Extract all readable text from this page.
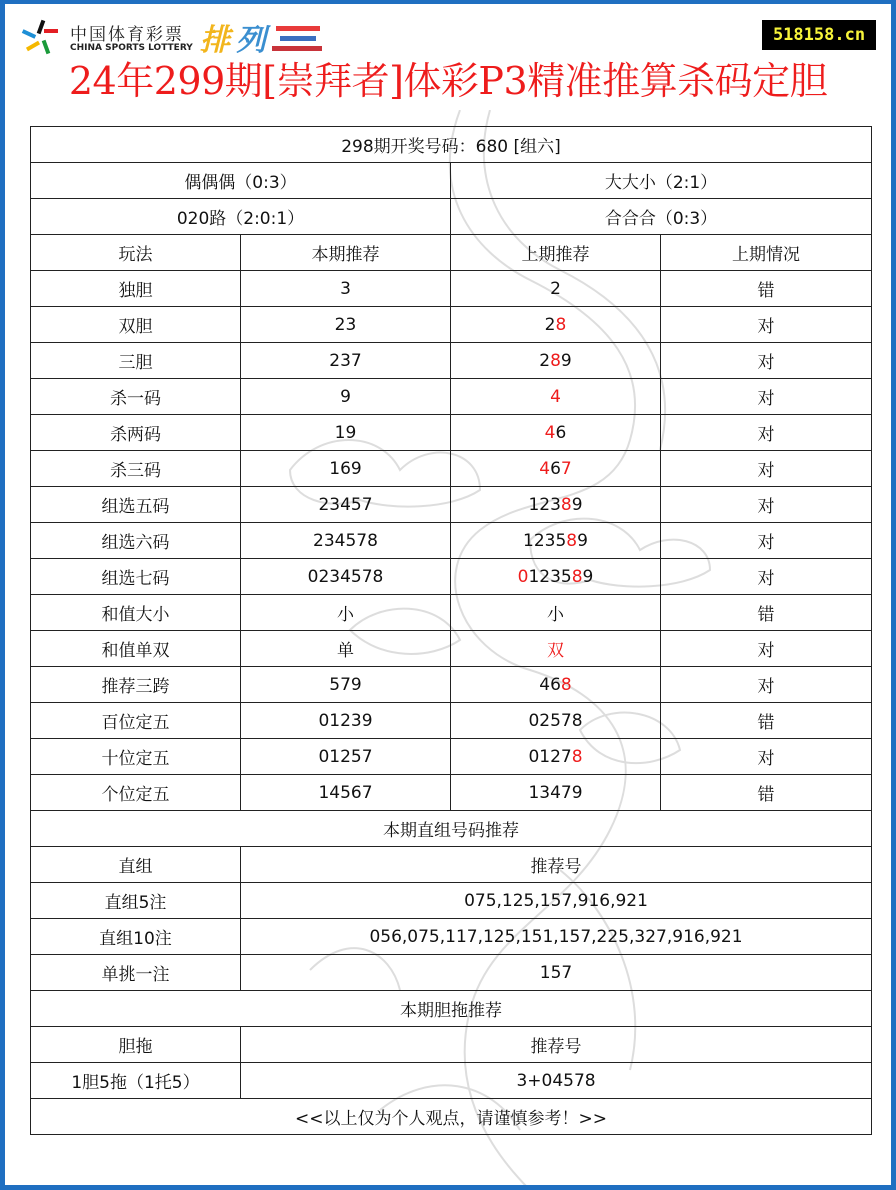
中国体育彩票
CHINA SPORTS LOTTERY 排 列	518158.cn
24年299期[崇拜者]体彩P3精准推算杀码定胆
298期开奖号码：680 [组六]			
偶偶偶（0:3）		大大小（2:1）	
020路（2:0:1）		合合合（0:3）	
玩法	本期推荐	上期推荐	上期情况
独胆	3	2	错
双胆	23	28	对
三胆	237	289	对
杀一码	9	4	对
杀两码	19	46	对
杀三码	169	467	对
组选五码	23457	12389	对
组选六码	234578	123589	对
组选七码	0234578	0123589	对
和值大小	小	小	错
和值单双	单	双	对
推荐三跨	579	468	对
百位定五	01239	02578	错
十位定五	01257	01278	对
个位定五	14567	13479	错
本期直组号码推荐			
直组	推荐号		
直组5注	075,125,157,916,921		
直组10注	056,075,117,125,151,157,225,327,916,921		
单挑一注	157		
本期胆拖推荐			
胆拖	推荐号		
1胆5拖（1托5）	3+04578		
<<以上仅为个人观点，请谨慎参考！>>			
